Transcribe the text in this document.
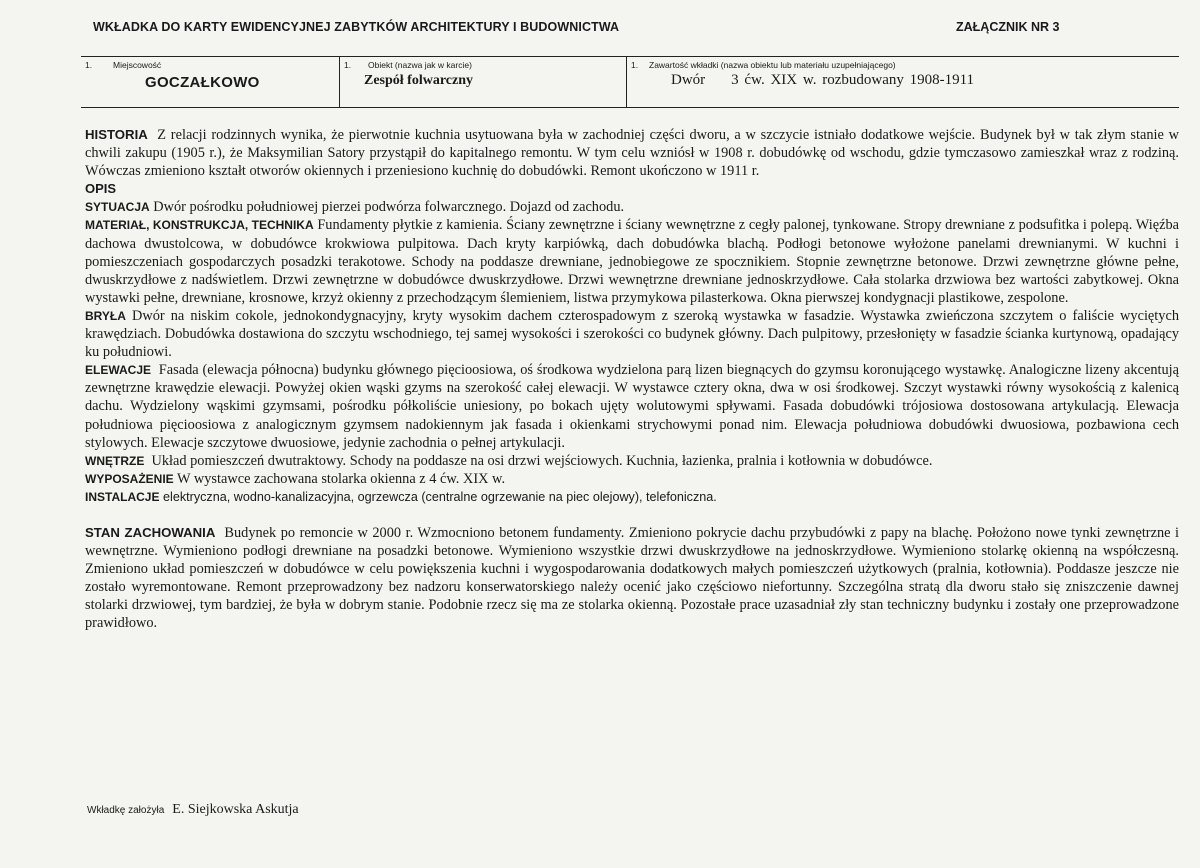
WKŁADKA DO KARTY EWIDENCYJNEJ ZABYTKÓW ARCHITEKTURY I BUDOWNICTWA	ZAŁĄCZNIK NR 3
1. Miejscowość
GOCZAŁKOWO
1. Obiekt (nazwa jak w karcie)
Zespół folwarczny
1. Zawartość wkładki (nazwa obiektu lub materiału uzupełniającego)
Dwór 3 ćw. XIX w. rozbudowany 1908-1911

HISTORIA Z relacji rodzinnych wynika, że pierwotnie kuchnia usytuowana była w zachodniej części dworu, a w szczycie istniało dodatkowe wejście. Budynek był w tak złym stanie w chwili zakupu (1905 r.), że Maksymilian Satory przystąpił do kapitalnego remontu. W tym celu wzniósł w 1908 r. dobudówkę od wschodu, gdzie tymczasowo zamieszkał wraz z rodziną. Wówczas zmieniono kształt otworów okiennych i przeniesiono kuchnię do dobudówki. Remont ukończono w 1911 r.

OPIS

SYTUACJA Dwór pośrodku południowej pierzei podwórza folwarcznego. Dojazd od zachodu.

MATERIAŁ, KONSTRUKCJA, TECHNIKA Fundamenty płytkie z kamienia. Ściany zewnętrzne i ściany wewnętrzne z cegły palonej, tynkowane. Stropy drewniane z podsufitka i polepą. Więźba dachowa dwustolcowa, w dobudówce krokwiowa pulpitowa. Dach kryty karpiówką, dach dobudówka blachą. Podłogi betonowe wyłożone panelami drewnianymi. W kuchni i pomieszczeniach gospodarczych posadzki terakotowe. Schody na poddasze drewniane, jednobiegowe ze spocznikiem. Stopnie zewnętrzne betonowe. Drzwi zewnętrzne główne pełne, dwuskrzydłowe z nadświetlem. Drzwi zewnętrzne w dobudówce dwuskrzydłowe. Drzwi wewnętrzne drewniane jednoskrzydłowe. Cała stolarka drzwiowa bez wartości zabytkowej. Okna wystawki pełne, drewniane, krosnowe, krzyż okienny z przechodzącym ślemieniem, listwa przymykowa pilasterkowa. Okna pierwszej kondygnacji plastikowe, zespolone.

BRYŁA Dwór na niskim cokole, jednokondygnacyjny, kryty wysokim dachem czterospadowym z szeroką wystawka w fasadzie. Wystawka zwieńczona szczytem o faliście wyciętych krawędziach. Dobudówka dostawiona do szczytu wschodniego, tej samej wysokości i szerokości co budynek główny. Dach pulpitowy, przesłonięty w fasadzie ścianka kurtynową, opadający ku południowi.

ELEWACJE Fasada (elewacja północna) budynku głównego pięcioosiowa, oś środkowa wydzielona parą lizen biegnących do gzymsu koronującego wystawkę. Analogiczne lizeny akcentują zewnętrzne krawędzie elewacji. Powyżej okien wąski gzyms na szerokość całej elewacji. W wystawce cztery okna, dwa w osi środkowej. Szczyt wystawki równy wysokością z kalenicą dachu. Wydzielony wąskimi gzymsami, pośrodku półkoliście uniesiony, po bokach ujęty wolutowymi spływami. Fasada dobudówki trójosiowa dostosowana artykulacją. Elewacja południowa pięcioosiowa z analogicznym gzymsem nadokiennym jak fasada i okienkami strychowymi ponad nim. Elewacja południowa dobudówki dwuosiowa, pozbawiona cech stylowych. Elewacje szczytowe dwuosiowe, jedynie zachodnia o pełnej artykulacji.

WNĘTRZE Układ pomieszczeń dwutraktowy. Schody na poddasze na osi drzwi wejściowych. Kuchnia, łazienka, pralnia i kotłownia w dobudówce.

WYPOSAŻENIE W wystawce zachowana stolarka okienna z 4 ćw. XIX w.

INSTALACJE elektryczna, wodno-kanalizacyjna, ogrzewcza (centralne ogrzewanie na piec olejowy), telefoniczna.

STAN ZACHOWANIA Budynek po remoncie w 2000 r. Wzmocniono betonem fundamenty. Zmieniono pokrycie dachu przybudówki z papy na blachę. Położono nowe tynki zewnętrzne i wewnętrzne. Wymieniono podłogi drewniane na posadzki betonowe. Wymieniono wszystkie drzwi dwuskrzydłowe na jednoskrzydłowe. Wymieniono stolarkę okienną na współczesną. Zmieniono układ pomieszczeń w dobudówce w celu powiększenia kuchni i wygospodarowania dodatkowych małych pomieszczeń użytkowych (pralnia, kotłownia). Poddasze jeszcze nie zostało wyremontowane. Remont przeprowadzony bez nadzoru konserwatorskiego należy ocenić jako częściowo niefortunny. Szczególna stratą dla dworu stało się zniszczenie dawnej stolarki drzwiowej, tym bardziej, że była w dobrym stanie. Podobnie rzecz się ma ze stolarka okienną. Pozostałe prace uzasadniał zły stan techniczny budynku i zostały one przeprowadzone prawidłowo.

Wkładkę założyła E. Siejkowska Askutja
